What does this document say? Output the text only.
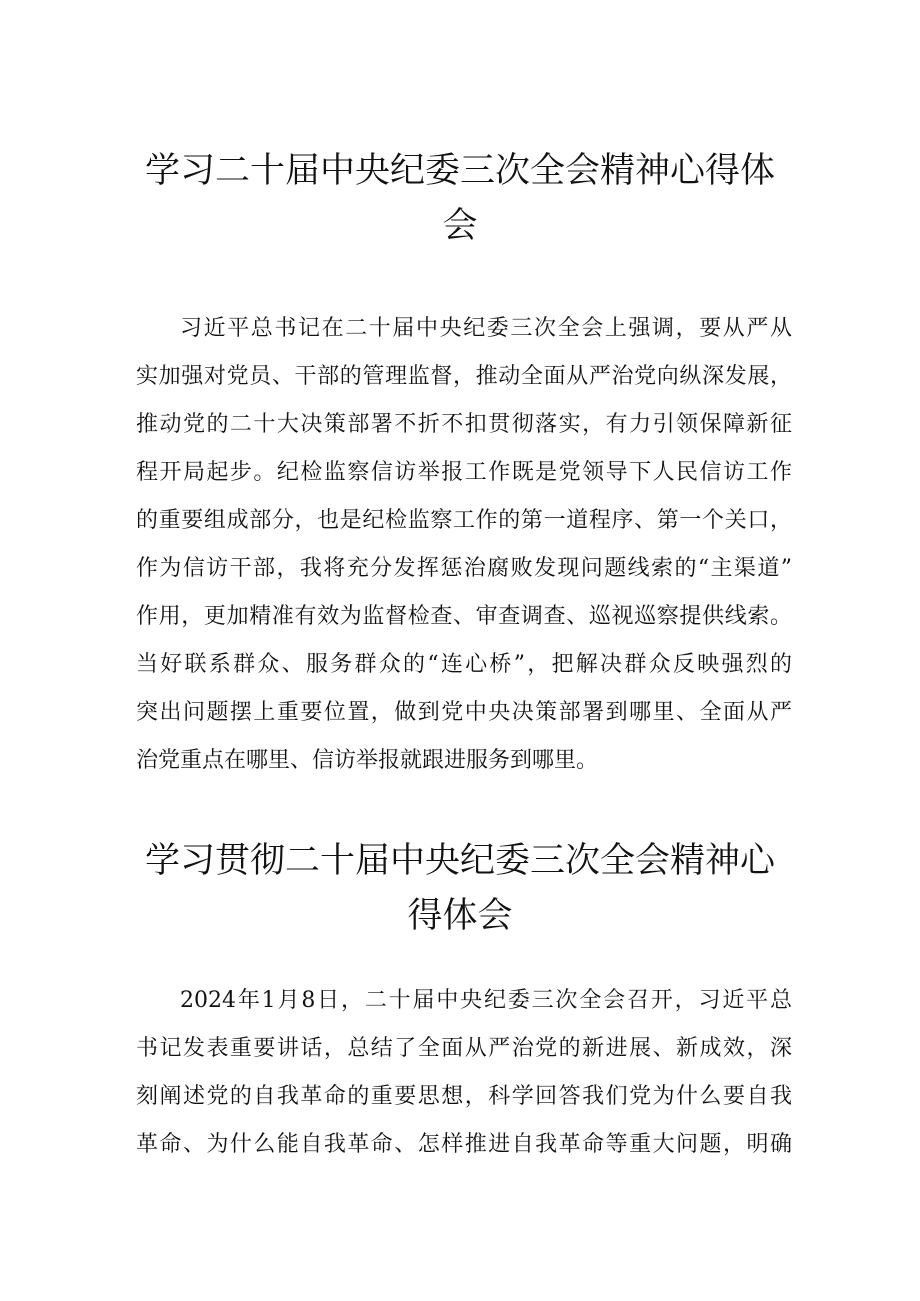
学习二十届中央纪委三次全会精神心得体
会
习近平总书记在二十届中央纪委三次全会上强调，要从严从
实加强对党员、干部的管理监督，推动全面从严治党向纵深发展，
推动党的二十大决策部署不折不扣贯彻落实，有力引领保障新征
程开局起步。纪检监察信访举报工作既是党领导下人民信访工作
的重要组成部分，也是纪检监察工作的第一道程序、第一个关口，
作为信访干部，我将充分发挥惩治腐败发现问题线索的“主渠道”
作用，更加精准有效为监督检查、审查调查、巡视巡察提供线索。
当好联系群众、服务群众的“连心桥”，把解决群众反映强烈的
突出问题摆上重要位置，做到党中央决策部署到哪里、全面从严
治党重点在哪里、信访举报就跟进服务到哪里。
学习贯彻二十届中央纪委三次全会精神心
得体会
2024年1月8日，二十届中央纪委三次全会召开，习近平总
书记发表重要讲话，总结了全面从严治党的新进展、新成效，深
刻阐述党的自我革命的重要思想，科学回答我们党为什么要自我
革命、为什么能自我革命、怎样推进自我革命等重大问题，明确
